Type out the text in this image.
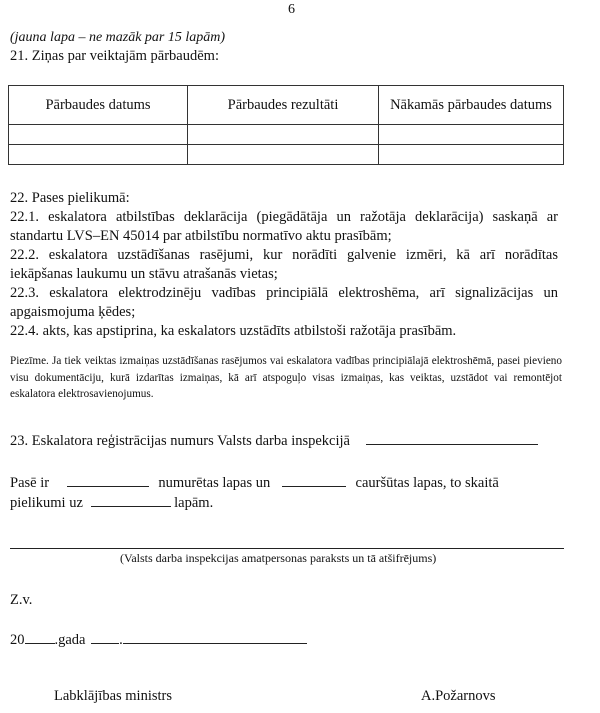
6
(jauna lapa – ne mazāk par 15 lapām)
21. Ziņas par veiktajām pārbaudēm:
Pārbaudes datums	Pārbaudes rezultāti	Nākamās pārbaudes datums

22. Pases pielikumā:
22.1. eskalatora atbilstības deklarācija (piegādātāja un ražotāja deklarācija) saskaņā ar standartu LVS–EN 45014 par atbilstību normatīvo aktu prasībām;
22.2. eskalatora uzstādīšanas rasējumi, kur norādīti galvenie izmēri, kā arī norādītas iekāpšanas laukumu un stāvu atrašanās vietas;
22.3. eskalatora elektrodzinēju vadības principiālā elektroshēma, arī signalizācijas un apgaismojuma ķēdes;
22.4. akts, kas apstiprina, ka eskalators uzstādīts atbilstoši ražotāja prasībām.
Piezīme. Ja tiek veiktas izmaiņas uzstādīšanas rasējumos vai eskalatora vadības principiālajā elektroshēmā, pasei pievieno visu dokumentāciju, kurā izdarītas izmaiņas, kā arī atspoguļo visas izmaiņas, kas veiktas, uzstādot vai remontējot eskalatora elektrosavienojumus.
23. Eskalatora reģistrācijas numurs Valsts darba inspekcijā
Pasē ir	numurētas lapas un	cauršūtas lapas, to skaitā
pielikumi uz	lapām.
(Valsts darba inspekcijas amatpersonas paraksts un tā atšifrējums)
Z.v.
20 .gada .
Labklājības ministrs	A.Požarnovs
